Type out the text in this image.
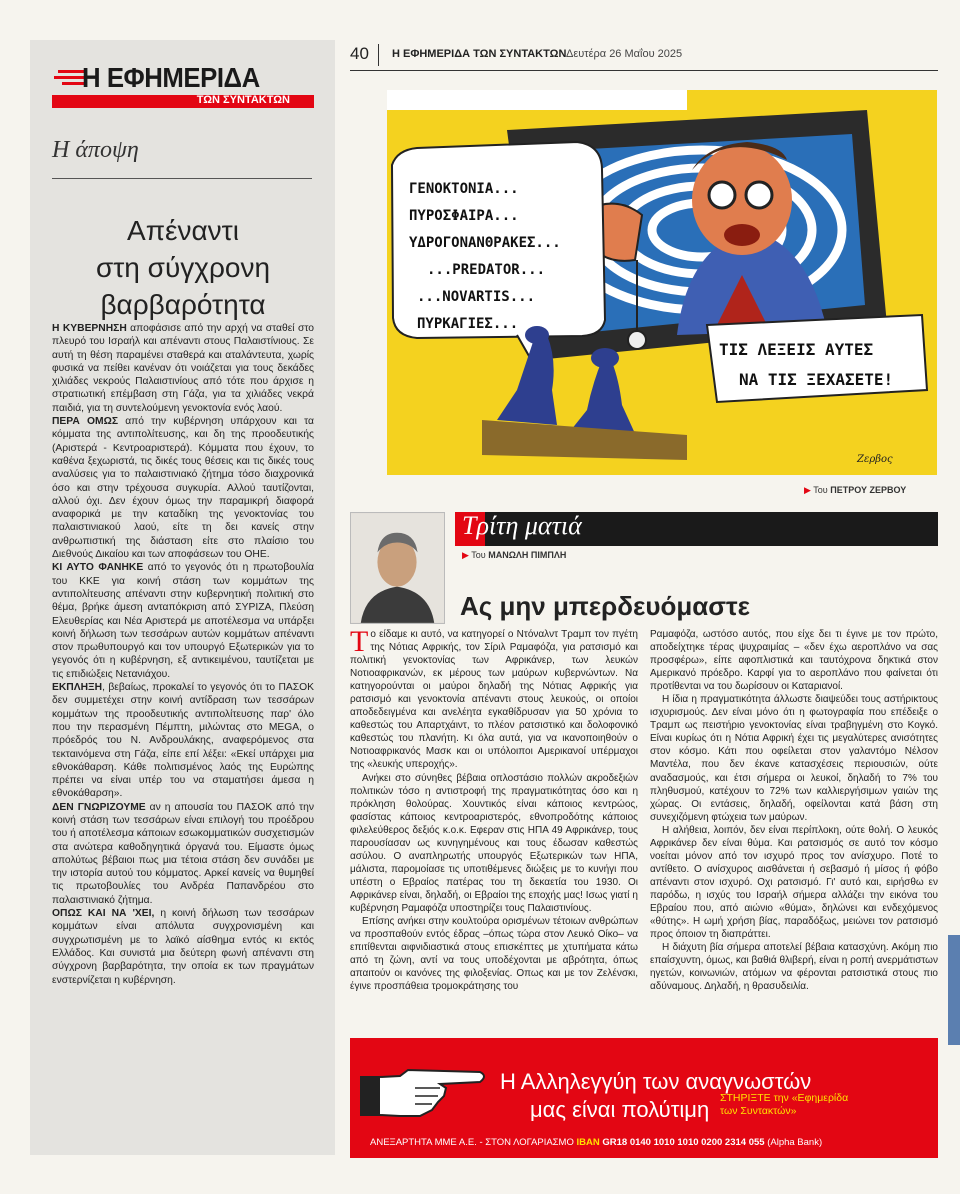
Η ΕΦΗΜΕΡΙΔΑ
ΤΩΝ ΣΥΝΤΑΚΤΩΝ
Η άποψη
Απέναντι
στη σύγχρονη
βαρβαρότητα

Η ΚΥΒΕΡΝΗΣΗ αποφάσισε από την αρχή να σταθεί στο πλευρό του Ισραήλ και απέναντι στους Παλαιστίνιους. Σε αυτή τη θέση παραμένει σταθερά και αταλάντευτα, χωρίς φυσικά να πείθει κανέναν ότι νοιάζεται για τους δεκάδες χιλιάδες νεκρούς Παλαιστινίους από τότε που άρχισε η στρατιωτική επέμβαση στη Γάζα, για τα χιλιάδες νεκρά παιδιά, για τη συντελούμενη γενοκτονία ενός λαού.

ΠΕΡΑ ΟΜΩΣ από την κυβέρνηση υπάρχουν και τα κόμματα της αντιπολίτευσης, και δη της προοδευτικής (Αριστερά - Κεντροαριστερά). Κόμματα που έχουν, το καθένα ξεχωριστά, τις δικές τους θέσεις και τις δικές τους αναλύσεις για το παλαιστινιακό ζήτημα τόσο διαχρονικά όσο και στην τρέχουσα συγκυρία. Αλλού ταυτίζονται, αλλού όχι. Δεν έχουν όμως την παραμικρή διαφορά αναφορικά με την καταδίκη της γενοκτονίας του παλαιστινιακού λαού, είτε τη δει κανείς στην ανθρωπιστική της διάσταση είτε στο πλαίσιο του Διεθνούς Δικαίου και των αποφάσεων του ΟΗΕ.

ΚΙ ΑΥΤΟ ΦΑΝΗΚΕ από το γεγονός ότι η πρωτοβουλία του ΚΚΕ για κοινή στάση των κομμάτων της αντιπολίτευσης απέναντι στην κυβερνητική πολιτική στο θέμα, βρήκε άμεση ανταπόκριση από ΣΥΡΙΖΑ, Πλεύση Ελευθερίας και Νέα Αριστερά με αποτέλεσμα να υπάρξει κοινή δήλωση των τεσσάρων αυτών κομμάτων απέναντι στον πρωθυπουργό και τον υπουργό Εξωτερικών για το γεγονός ότι η κυβέρνηση, εξ αντικειμένου, ταυτίζεται με τις επιδιώξεις Νετανιάχου.

ΕΚΠΛΗΞΗ, βεβαίως, προκαλεί το γεγονός ότι το ΠΑΣΟΚ δεν συμμετέχει στην κοινή αντίδραση των τεσσάρων κομμάτων της προοδευτικής αντιπολίτευσης παρ' όλο που την περασμένη Πέμπτη, μιλώντας στο MEGA, ο πρόεδρός του Ν. Ανδρουλάκης, αναφερόμενος στα τεκταινόμενα στη Γάζα, είπε επί λέξει: «Εκεί υπάρχει μια εθνοκάθαρση. Κάθε πολιτισμένος λαός της Ευρώπης πρέπει να είναι υπέρ του να σταματήσει άμεσα η εθνοκάθαρση».

ΔΕΝ ΓΝΩΡΙΖΟΥΜΕ αν η απουσία του ΠΑΣΟΚ από την κοινή στάση των τεσσάρων είναι επιλογή του προέδρου του ή αποτέλεσμα κάποιων εσωκομματικών συσχετισμών στα ανώτερα καθοδηγητικά όργανά του. Είμαστε όμως απολύτως βέβαιοι πως μια τέτοια στάση δεν συνάδει με την ιστορία αυτού του κόμματος. Αρκεί κανείς να θυμηθεί τις πρωτοβουλίες του Ανδρέα Παπανδρέου στο παλαιστινιακό ζήτημα.

ΟΠΩΣ ΚΑΙ ΝΑ 'ΧΕΙ, η κοινή δήλωση των τεσσάρων κομμάτων είναι απόλυτα συγχρονισμένη και συγχρωτισμένη με το λαϊκό αίσθημα εντός κι εκτός Ελλάδος. Και συνιστά μια δεύτερη φωνή απέναντι στη σύγχρονη βαρβαρότητα, την οποία εκ των πραγμάτων ενστερνίζεται η κυβέρνηση.

40 Η ΕΦΗΜΕΡΙΔΑ ΤΩΝ ΣΥΝΤΑΚΤΩΝ Δευτέρα 26 Μαΐου 2025
ΓΕΝΟΚΤΟΝΙΑ...
ΠΥΡΟΣΦΑΙΡΑ...
ΥΔΡΟΓΟΝΑΝΘΡΑΚΕΣ...
...PREDATOR...
...NOVARTIS...
ΠΥΡΚΑΓΙΕΣ...
ΤΙΣ ΛΕΞΕΙΣ ΑΥΤΕΣ
ΝΑ ΤΙΣ ΞΕΧΑΣΕΤΕ!
Ζερβος
▶ Του ΠΕΤΡΟΥ ΖΕΡΒΟΥ
Τρίτη ματιά
▶ Του ΜΑΝΩΛΗ ΠΙΜΠΛΗ
Ας μην μπερδευόμαστε

Το είδαμε κι αυτό, να κατηγορεί ο Ντόναλντ Τραμπ τον πγέτη της Νότιας Αφρικής, τον Σίριλ Ραμαφόζα, για ρατσισμό και πολιτική γενοκτονίας των Αφρικάνερ, των λευκών Νοτιοαφρικανών, εκ μέρους των μαύρων κυβερνώντων. Να κατηγορούνται οι μαύροι δηλαδή της Νότιας Αφρικής για ρατσισμό και γενοκτονία απέναντι στους λευκούς, οι οποίοι αποδεδειγμένα και ανελέητα εγκαθίδρυσαν για 50 χρόνια το καθεστώς του Απαρτχάιντ, το πλέον ρατσιστικό και δολοφονικό καθεστώς του πλανήτη. Κι όλα αυτά, για να ικανοποιηθούν ο Νοτιοαφρικανός Μασκ και οι υπόλοιποι Αμερικανοί υπέρμαχοι της «λευκής υπεροχής».

Ανήκει στο σύνηθες βέβαια οπλοστάσιο πολλών ακροδεξιών πολιτικών τόσο η αντιστροφή της πραγματικότητας όσο και η πρόκληση θολούρας. Χουντικός είναι κάποιος κεντρώος, φασίστας κάποιος κεντροαριστερός, εθνοπροδότης κάποιος φιλελεύθερος δεξιός κ.ο.κ. Εφεραν στις ΗΠΑ 49 Αφρικάνερ, τους παρουσίασαν ως κυνηγημένους και τους έδωσαν καθεστώς ασύλου. Ο αναπληρωτής υπουργός Εξωτερικών των ΗΠΑ, μάλιστα, παρομοίασε τις υποτιθέμενες διώξεις με το κυνήγι που υπέστη ο Εβραίος πατέρας του τη δεκαετία του 1930. Οι Αφρικάνερ είναι, δηλαδή, οι Εβραίοι της εποχής μας! Ισως γιατί η κυβέρνηση Ραμαφόζα υποστηρίζει τους Παλαιστινίους.

Επίσης ανήκει στην κουλτούρα ορισμένων τέτοιων ανθρώπων να προσπαθούν εντός έδρας –όπως τώρα στον Λευκό Οίκο– να επιτίθενται αιφνιδιαστικά στους επισκέπτες με χτυπήματα κάτω από τη ζώνη, αντί να τους υποδέχονται με αβρότητα, όπως απαιτούν οι κανόνες της φιλοξενίας. Οπως και με τον Ζελένσκι, έγινε προσπάθεια τρομοκράτησης του

Ραμαφόζα, ωστόσο αυτός, που είχε δει τι έγινε με τον πρώτο, αποδείχτηκε τέρας ψυχραιμίας – «δεν έχω αεροπλάνο να σας προσφέρω», είπε αφοπλιστικά και ταυτόχρονα δηκτικά στον Αμερικανό πρόεδρο. Καρφί για το αεροπλάνο που φαίνεται ότι προτίθενται να του δωρίσουν οι Καταριανοί.

Η ίδια η πραγματικότητα άλλωστε διαψεύδει τους αστήρικτους ισχυρισμούς. Δεν είναι μόνο ότι η φωτογραφία που επέδειξε ο Τραμπ ως πειστήριο γενοκτονίας είναι τραβηγμένη στο Κογκό. Είναι κυρίως ότι η Νότια Αφρική έχει τις μεγαλύτερες ανισότητες στον κόσμο. Κάτι που οφείλεται στον γαλαντόμο Νέλσον Μαντέλα, που δεν έκανε κατασχέσεις περιουσιών, ούτε αναδασμούς, και έτσι σήμερα οι λευκοί, δηλαδή το 7% του πληθυσμού, κατέχουν το 72% των καλλιεργήσιμων γαιών της χώρας. Οι εντάσεις, δηλαδή, οφείλονται κατά βάση στη συνεχιζόμενη φτώχεια των μαύρων.

Η αλήθεια, λοιπόν, δεν είναι περίπλοκη, ούτε θολή. Ο λευκός Αφρικάνερ δεν είναι θύμα. Και ρατσισμός σε αυτό τον κόσμο νοείται μόνον από τον ισχυρό προς τον ανίσχυρο. Ποτέ το αντίθετο. Ο ανίσχυρος αισθάνεται ή σεβασμό ή μίσος ή φόβο απέναντι στον ισχυρό. Οχι ρατσισμό. Γι' αυτό και, ειρήσθω εν παρόδω, η ισχύς του Ισραήλ σήμερα αλλάζει την εικόνα του Εβραίου που, από αιώνιο «θύμα», δηλώνει και ενδεχόμενος «θύτης». Η ωμή χρήση βίας, παραδόξως, μειώνει τον ρατσισμό προς όποιον τη διαπράττει.

Η διάχυτη βία σήμερα αποτελεί βέβαια κατασχύνη. Ακόμη πιο επαίσχυντη, όμως, και βαθιά θλιβερή, είναι η ροπή ανερμάτιστων ηγετών, κοινωνιών, ατόμων να φέρονται ρατσιστικά στους πιο αδύναμους. Δηλαδή, η θρασυδειλία.

Η Αλληλεγγύη των αναγνωστών
μας είναι πολύτιμη	ΣΤΗΡΙΞΤΕ την «Εφημερίδα
των Συντακτών»
ΑΝΕΞΑΡΤΗΤΑ ΜΜΕ Α.Ε. - ΣΤΟΝ ΛΟΓΑΡΙΑΣΜΟ IBAN GR18 0140 1010 1010 0200 2314 055 (Alpha Bank)
